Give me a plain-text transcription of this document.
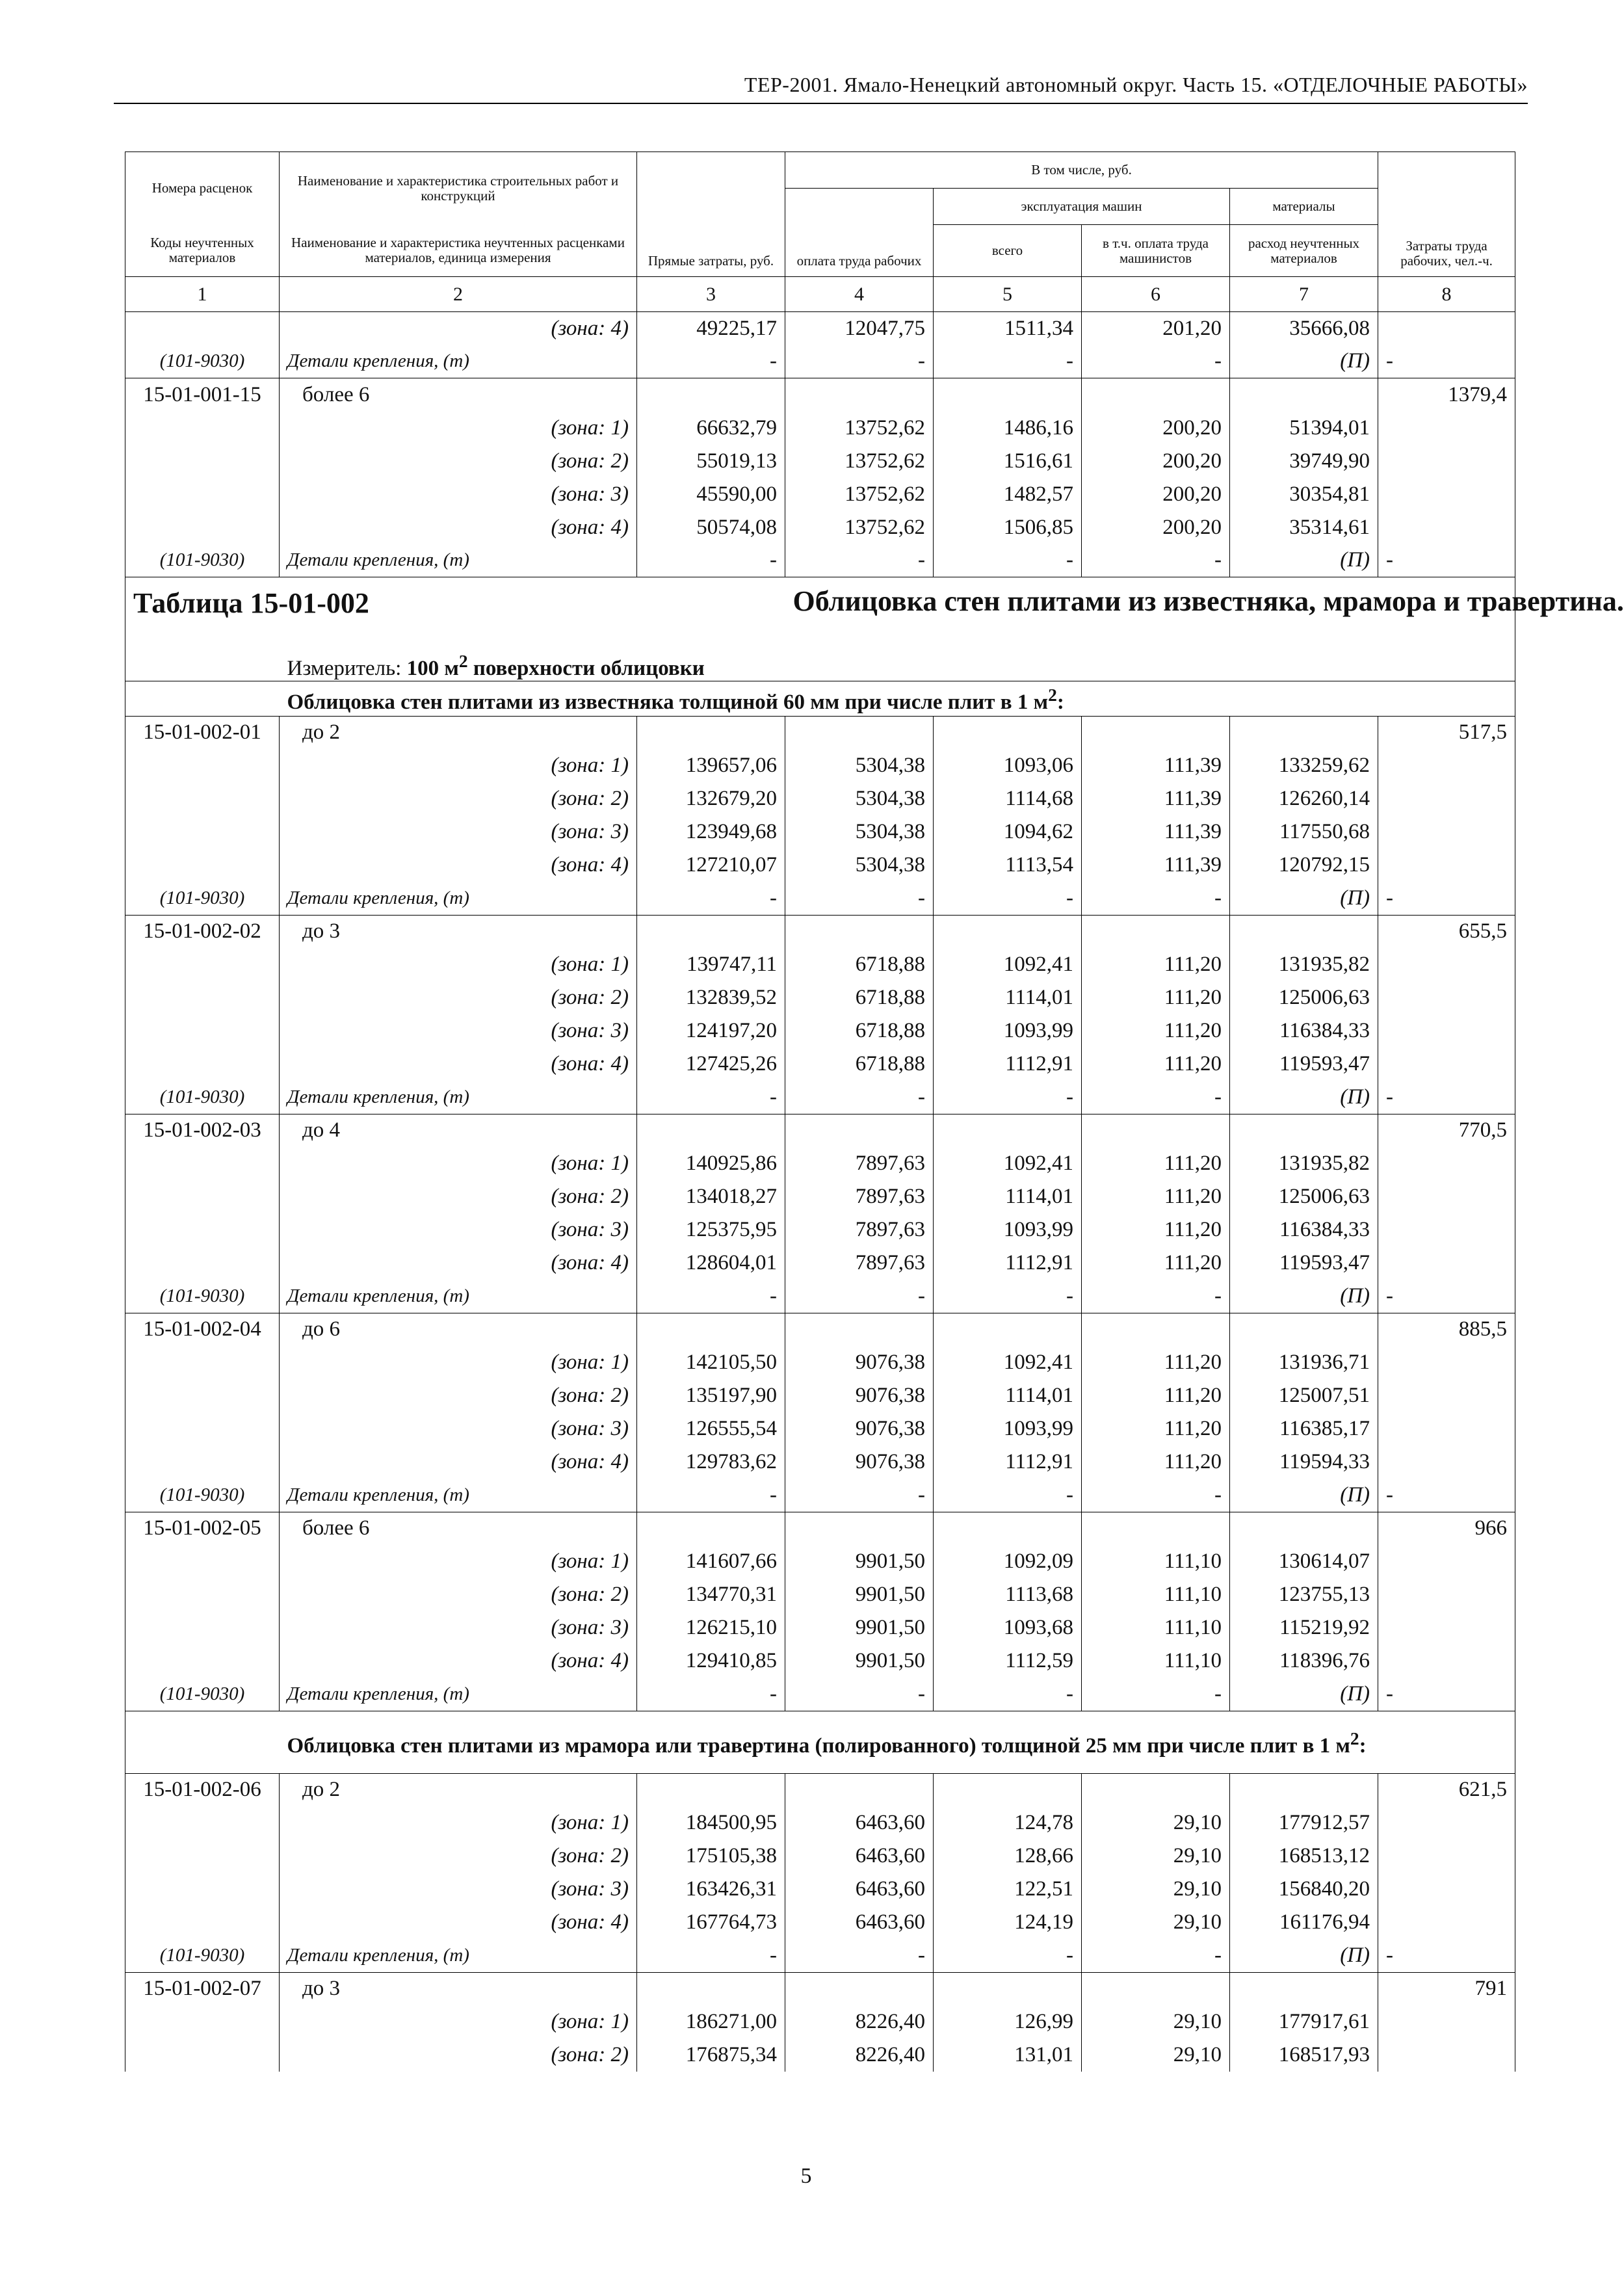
ТЕР-2001. Ямало-Ненецкий автономный округ. Часть 15. «ОТДЕЛОЧНЫЕ РАБОТЫ»
Номера расценок	Наименование и характеристика строительных работ и конструкций	Прямые затраты, руб.	В том числе, руб.				Затраты труда рабочих, чел.-ч.
			оплата труда рабочих	эксплуатация машин		материалы	
Коды неучтенных материалов	Наименование и характеристика неучтенных расценками материалов, единица измерения			всего	в т.ч. оплата труда машинистов	расход неучтенных материалов	
1	2	3	4	5	6	7	8
	(зона: 4)	49225,17	12047,75	1511,34	201,20	35666,08	
(101-9030)	Детали крепления, (т)	-	-	-	-	(П)	-
15-01-001-15	более 6						1379,4
	(зона: 1)	66632,79	13752,62	1486,16	200,20	51394,01	
	(зона: 2)	55019,13	13752,62	1516,61	200,20	39749,90	
	(зона: 3)	45590,00	13752,62	1482,57	200,20	30354,81	
	(зона: 4)	50574,08	13752,62	1506,85	200,20	35314,61	
(101-9030)	Детали крепления, (т)	-	-	-	-	(П)	-
Таблица 15-01-002			Облицовка стен плитами из известняка, мрамора и травертина.				
	Измеритель: 100 $м^2$ поверхности облицовки						
	Облицовка стен плитами из известняка толщиной 60 мм при числе плит в 1 $м^2$:						
15-01-002-01	до 2						517,5
	(зона: 1)	139657,06	5304,38	1093,06	111,39	133259,62	
	(зона: 2)	132679,20	5304,38	1114,68	111,39	126260,14	
	(зона: 3)	123949,68	5304,38	1094,62	111,39	117550,68	
	(зона: 4)	127210,07	5304,38	1113,54	111,39	120792,15	
(101-9030)	Детали крепления, (т)	-	-	-	-	(П)	-
15-01-002-02	до 3						655,5
	(зона: 1)	139747,11	6718,88	1092,41	111,20	131935,82	
	(зона: 2)	132839,52	6718,88	1114,01	111,20	125006,63	
	(зона: 3)	124197,20	6718,88	1093,99	111,20	116384,33	
	(зона: 4)	127425,26	6718,88	1112,91	111,20	119593,47	
(101-9030)	Детали крепления, (т)	-	-	-	-	(П)	-
15-01-002-03	до 4						770,5
	(зона: 1)	140925,86	7897,63	1092,41	111,20	131935,82	
	(зона: 2)	134018,27	7897,63	1114,01	111,20	125006,63	
	(зона: 3)	125375,95	7897,63	1093,99	111,20	116384,33	
	(зона: 4)	128604,01	7897,63	1112,91	111,20	119593,47	
(101-9030)	Детали крепления, (т)	-	-	-	-	(П)	-
15-01-002-04	до 6						885,5
	(зона: 1)	142105,50	9076,38	1092,41	111,20	131936,71	
	(зона: 2)	135197,90	9076,38	1114,01	111,20	125007,51	
	(зона: 3)	126555,54	9076,38	1093,99	111,20	116385,17	
	(зона: 4)	129783,62	9076,38	1112,91	111,20	119594,33	
(101-9030)	Детали крепления, (т)	-	-	-	-	(П)	-
15-01-002-05	более 6						966
	(зона: 1)	141607,66	9901,50	1092,09	111,10	130614,07	
	(зона: 2)	134770,31	9901,50	1113,68	111,10	123755,13	
	(зона: 3)	126215,10	9901,50	1093,68	111,10	115219,92	
	(зона: 4)	129410,85	9901,50	1112,59	111,10	118396,76	
(101-9030)	Детали крепления, (т)	-	-	-	-	(П)	-
	Облицовка стен плитами из мрамора или травертина (полированного) толщиной 25 мм при числе плит в 1 $м^2$:						
15-01-002-06	до 2						621,5
	(зона: 1)	184500,95	6463,60	124,78	29,10	177912,57	
	(зона: 2)	175105,38	6463,60	128,66	29,10	168513,12	
	(зона: 3)	163426,31	6463,60	122,51	29,10	156840,20	
	(зона: 4)	167764,73	6463,60	124,19	29,10	161176,94	
(101-9030)	Детали крепления, (т)	-	-	-	-	(П)	-
15-01-002-07	до 3						791
	(зона: 1)	186271,00	8226,40	126,99	29,10	177917,61	
	(зона: 2)	176875,34	8226,40	131,01	29,10	168517,93	
5
